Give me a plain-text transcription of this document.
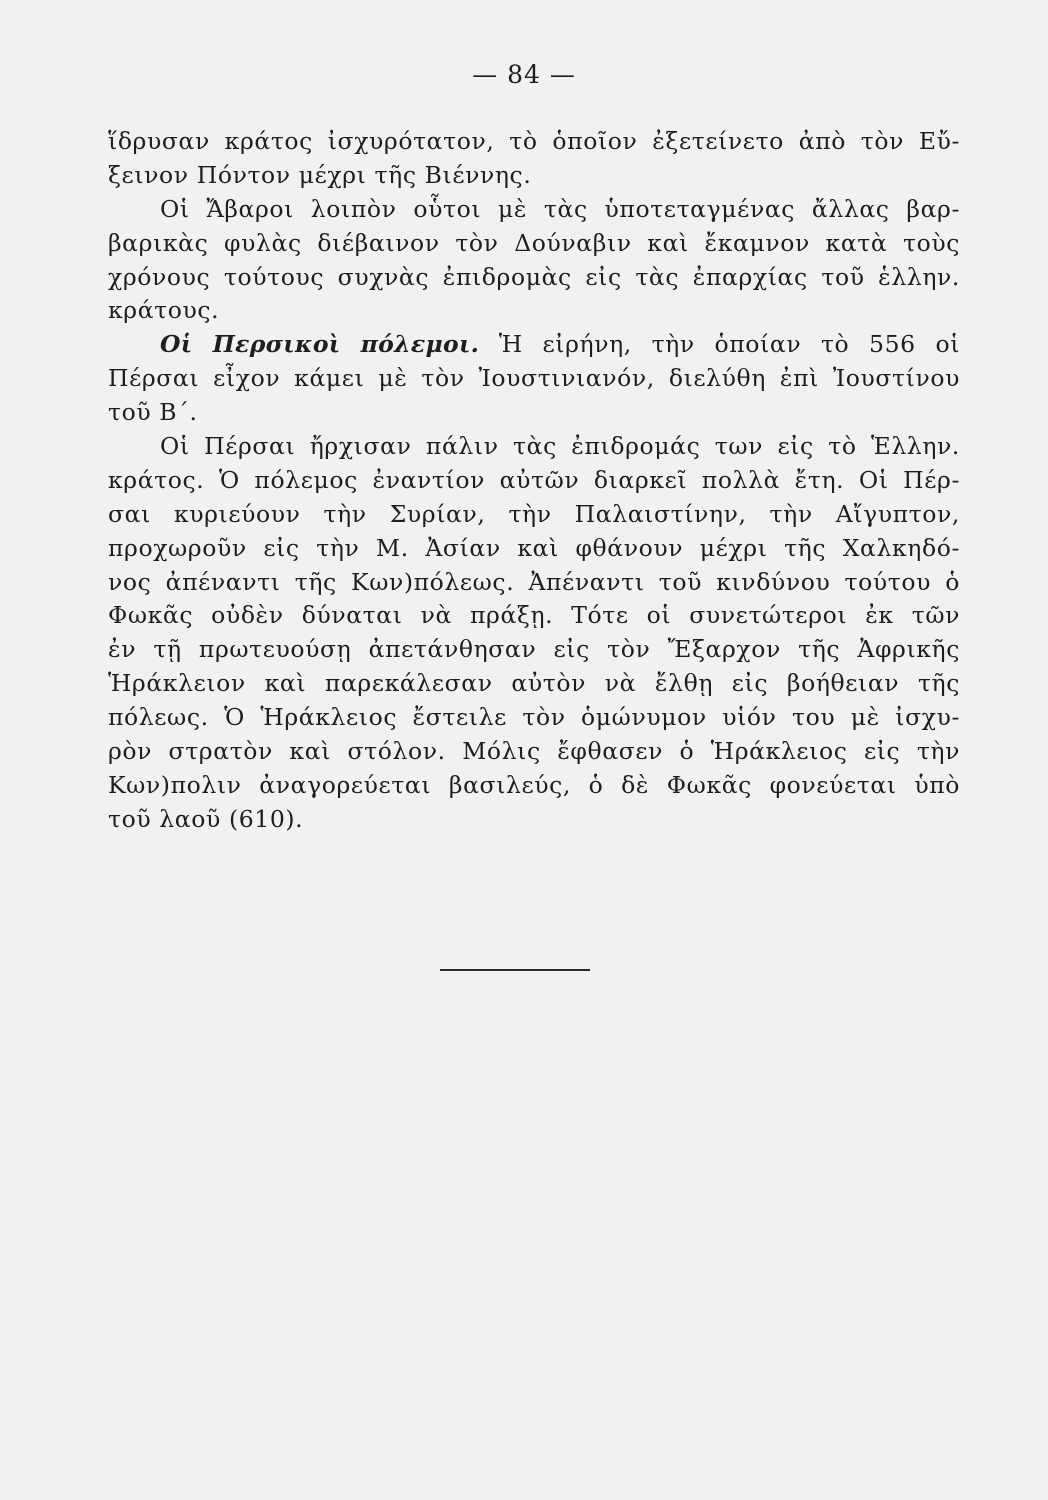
— 84 —
ἵδρυσαν κράτος ἰσχυρότατον, τὸ ὁποῖον ἐξετείνετο ἀπὸ τὸν Εὔ-
ξεινον Πόντον μέχρι τῆς Βιέννης.
Οἱ Ἄβαροι λοιπὸν οὗτοι μὲ τὰς ὑποτεταγμένας ἄλλας βαρ-
βαρικὰς φυλὰς διέβαινον τὸν Δούναβιν καὶ ἔκαμνον κατὰ τοὺς
χρόνους τούτους συχνὰς ἐπιδρομὰς εἰς τὰς ἐπαρχίας τοῦ ἑλλην.
κράτους.
Οἱ Περσικοὶ πόλεμοι. Ἡ εἰρήνη, τὴν ὁποίαν τὸ 556 οἱ
Πέρσαι εἶχον κάμει μὲ τὸν Ἰουστινιανόν, διελύθη ἐπὶ Ἰουστίνου
τοῦ Β΄.
Οἱ Πέρσαι ἤρχισαν πάλιν τὰς ἐπιδρομάς των εἰς τὸ Ἑλλην.
κράτος. Ὁ πόλεμος ἐναντίον αὐτῶν διαρκεῖ πολλὰ ἔτη. Οἱ Πέρ-
σαι κυριεύουν τὴν Συρίαν, τὴν Παλαιστίνην, τὴν Αἴγυπτον,
προχωροῦν εἰς τὴν Μ. Ἀσίαν καὶ φθάνουν μέχρι τῆς Χαλκηδό-
νος ἀπέναντι τῆς Κων)πόλεως. Ἀπέναντι τοῦ κινδύνου τούτου ὁ
Φωκᾶς οὐδὲν δύναται νὰ πράξῃ. Τότε οἱ συνετώτεροι ἐκ τῶν
ἐν τῇ πρωτευούσῃ ἀπετάνθησαν εἰς τὸν Ἔξαρχον τῆς Ἀφρικῆς
Ἡράκλειον καὶ παρεκάλεσαν αὐτὸν νὰ ἔλθῃ εἰς βοήθειαν τῆς
πόλεως. Ὁ Ἡράκλειος ἔστειλε τὸν ὁμώνυμον υἱόν του μὲ ἰσχυ-
ρὸν στρατὸν καὶ στόλον. Μόλις ἔφθασεν ὁ Ἡράκλειος εἰς τὴν
Κων)πολιν ἀναγορεύεται βασιλεύς, ὁ δὲ Φωκᾶς φονεύεται ὑπὸ
τοῦ λαοῦ (610).
